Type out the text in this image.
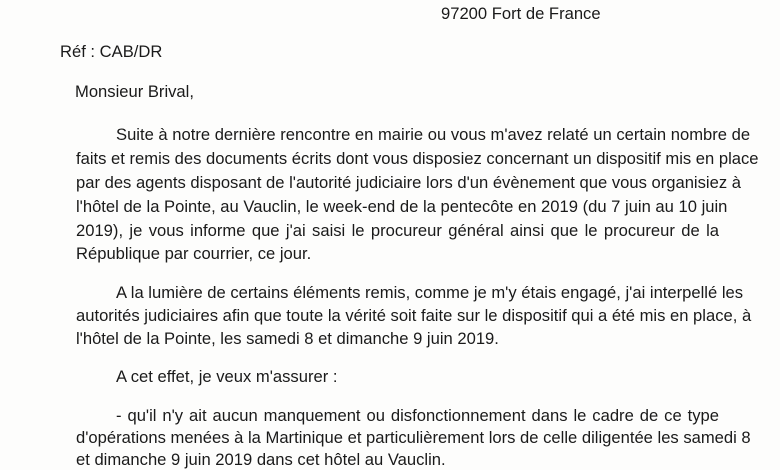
97200 Fort de France
Réf : CAB/DR
Monsieur Brival,
Suite à notre dernière rencontre en mairie ou vous m'avez relaté un certain nombre de
faits et remis des documents écrits dont vous disposiez concernant un dispositif mis en place
par des agents disposant de l'autorité judiciaire lors d'un évènement que vous organisiez à
l'hôtel de la Pointe, au Vauclin, le week-end de la pentecôte en 2019 (du 7 juin au 10 juin
2019), je vous informe que j'ai saisi le procureur général ainsi que le procureur de la
République par courrier, ce jour.
A la lumière de certains éléments remis, comme je m'y étais engagé, j'ai interpellé les
autorités judiciaires afin que toute la vérité soit faite sur le dispositif qui a été mis en place, à
l'hôtel de la Pointe, les samedi 8 et dimanche 9 juin 2019.
A cet effet, je veux m'assurer :
- qu'il n'y ait aucun manquement ou disfonctionnement dans le cadre de ce type
d'opérations menées à la Martinique et particulièrement lors de celle diligentée les samedi 8
et dimanche 9 juin 2019 dans cet hôtel au Vauclin.
